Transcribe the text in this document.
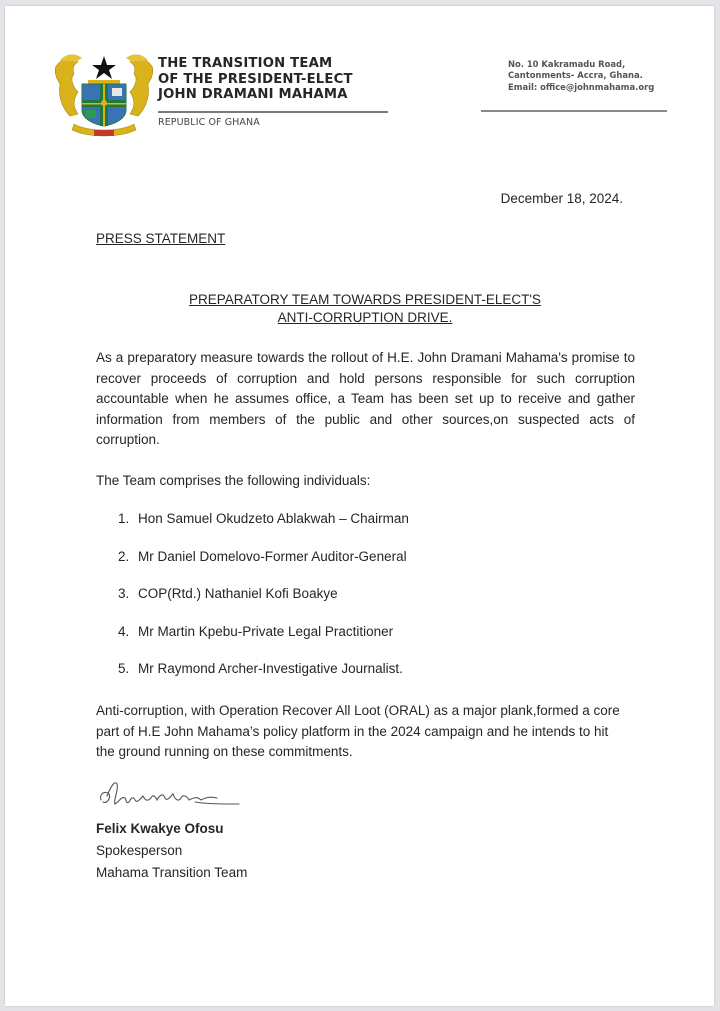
THE TRANSITION TEAM
OF THE PRESIDENT-ELECT
JOHN DRAMANI MAHAMA
REPUBLIC OF GHANA
No. 10 Kakramadu Road,
Cantonments- Accra, Ghana.
Email: office@johnmahama.org
December 18, 2024.
PRESS STATEMENT
PREPARATORY TEAM TOWARDS PRESIDENT-ELECT'S
ANTI-CORRUPTION DRIVE.

As a preparatory measure towards the rollout of H.E. John Dramani Mahama's promise to recover proceeds of corruption and hold persons responsible for such corruption accountable when he assumes office, a Team has been set up to receive and gather information from members of the public and other sources,on suspected acts of corruption.

The Team comprises the following individuals:
1. Hon Samuel Okudzeto Ablakwah – Chairman
2. Mr Daniel Domelovo-Former Auditor-General
3. COP(Rtd.) Nathaniel Kofi Boakye
4. Mr Martin Kpebu-Private Legal Practitioner
5. Mr Raymond Archer-Investigative Journalist.
Anti-corruption, with Operation Recover All Loot (ORAL) as a major plank,formed a core
part of H.E John Mahama’s policy platform in the 2024 campaign and he intends to hit
the ground running on these commitments.
Felix Kwakye Ofosu
Spokesperson
Mahama Transition Team
